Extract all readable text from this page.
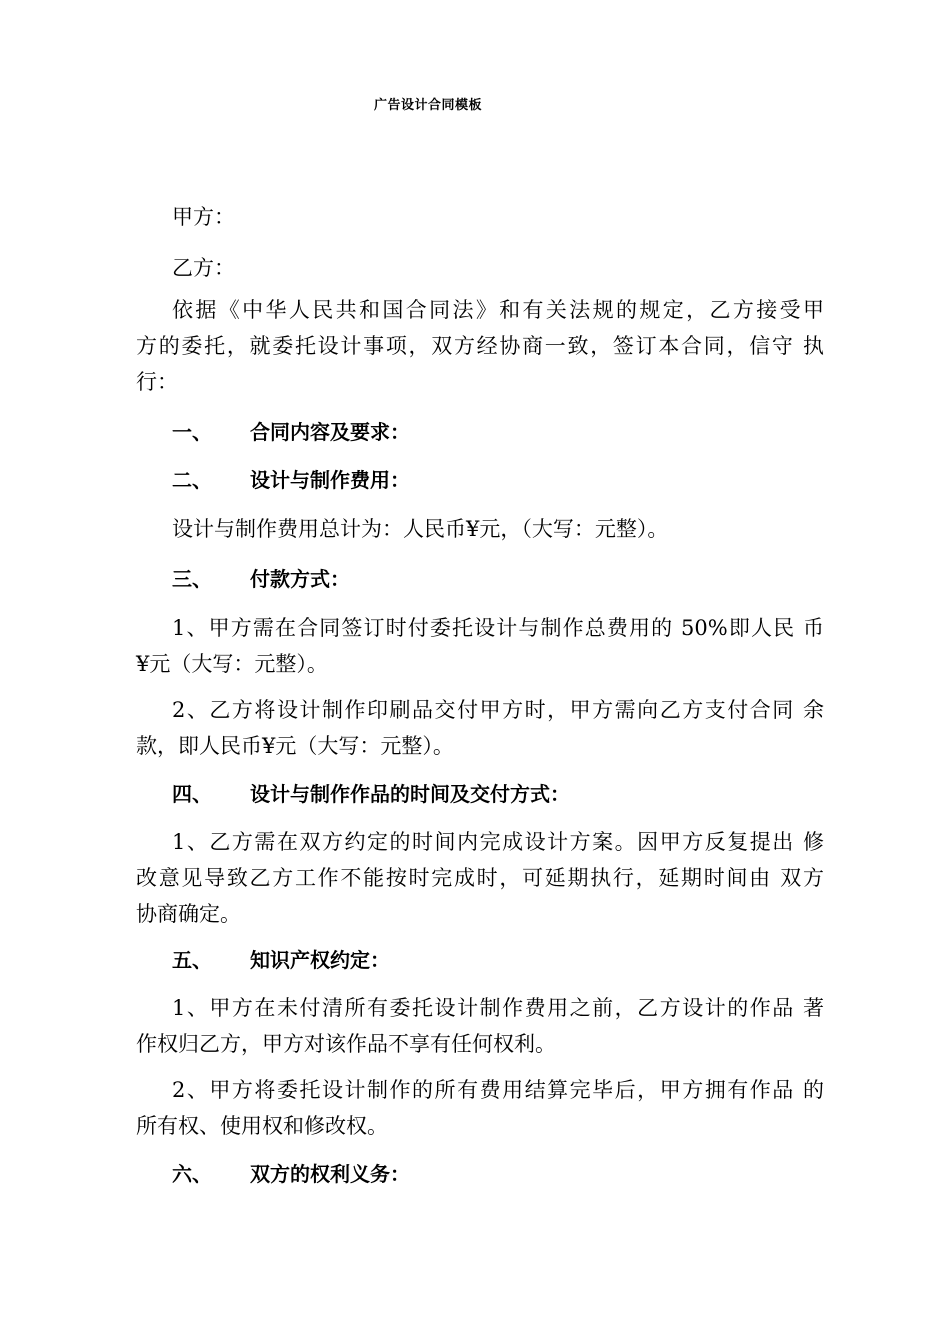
广告设计合同模板
甲方：
乙方：
依据《中华人民共和国合同法》和有关法规的规定，乙方接受甲
方的委托，就委托设计事项，双方经协商一致，签订本合同，信守 执
行：
一、 合同内容及要求：
二、 设计与制作费用：
设计与制作费用总计为：人民币¥元，（大写：元整）。
三、 付款方式：
1、甲方需在合同签订时付委托设计与制作总费用的 50%即人民 币
¥元（大写：元整）。
2、乙方将设计制作印刷品交付甲方时，甲方需向乙方支付合同 余
款，即人民币¥元（大写：元整）。
四、 设计与制作作品的时间及交付方式：
1、乙方需在双方约定的时间内完成设计方案。因甲方反复提出 修
改意见导致乙方工作不能按时完成时，可延期执行，延期时间由 双方
协商确定。
五、 知识产权约定：
1、甲方在未付清所有委托设计制作费用之前，乙方设计的作品 著
作权归乙方，甲方对该作品不享有任何权利。
2、甲方将委托设计制作的所有费用结算完毕后，甲方拥有作品 的
所有权、使用权和修改权。
六、 双方的权利义务：
